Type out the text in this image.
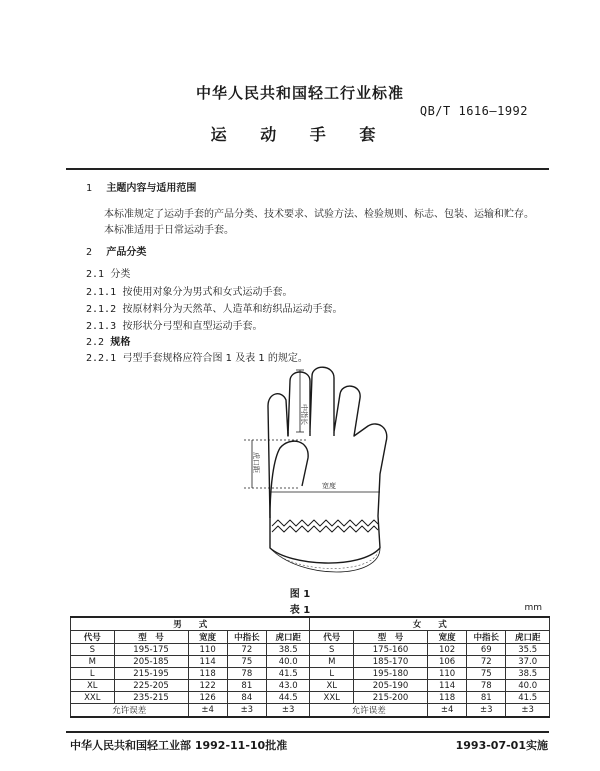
中华人民共和国轻工行业标准
QB/T 1616—1992
运 动 手 套
1 主题内容与适用范围
本标准规定了运动手套的产品分类、技术要求、试验方法、检验规则、标志、包装、运输和贮存。
本标准适用于日常运动手套。
2 产品分类
2.1 分类
2.1.1 按使用对象分为男式和女式运动手套。
2.1.2 按原材料分为天然革、人造革和纺织品运动手套。
2.1.3 按形状分弓型和直型运动手套。
2.2 规格
2.2.1 弓型手套规格应符合图 1 及表 1 的规定。
中指长
虎口距
宽度
图 1
表 1	mm
男　　式					女　　式				
代号	型　号	宽度	中指长	虎口距	代号	型　号	宽度	中指长	虎口距
S	195-175	110	72	38.5	S	175-160	102	69	35.5
M	205-185	114	75	40.0	M	185-170	106	72	37.0
L	215-195	118	78	41.5	L	195-180	110	75	38.5
XL	225-205	122	81	43.0	XL	205-190	114	78	40.0
XXL	235-215	126	84	44.5	XXL	215-200	118	81	41.5
允许误差		±4	±3	±3	允许误差		±4	±3	±3
中华人民共和国轻工业部 1992-11-10批准	1993-07-01实施
